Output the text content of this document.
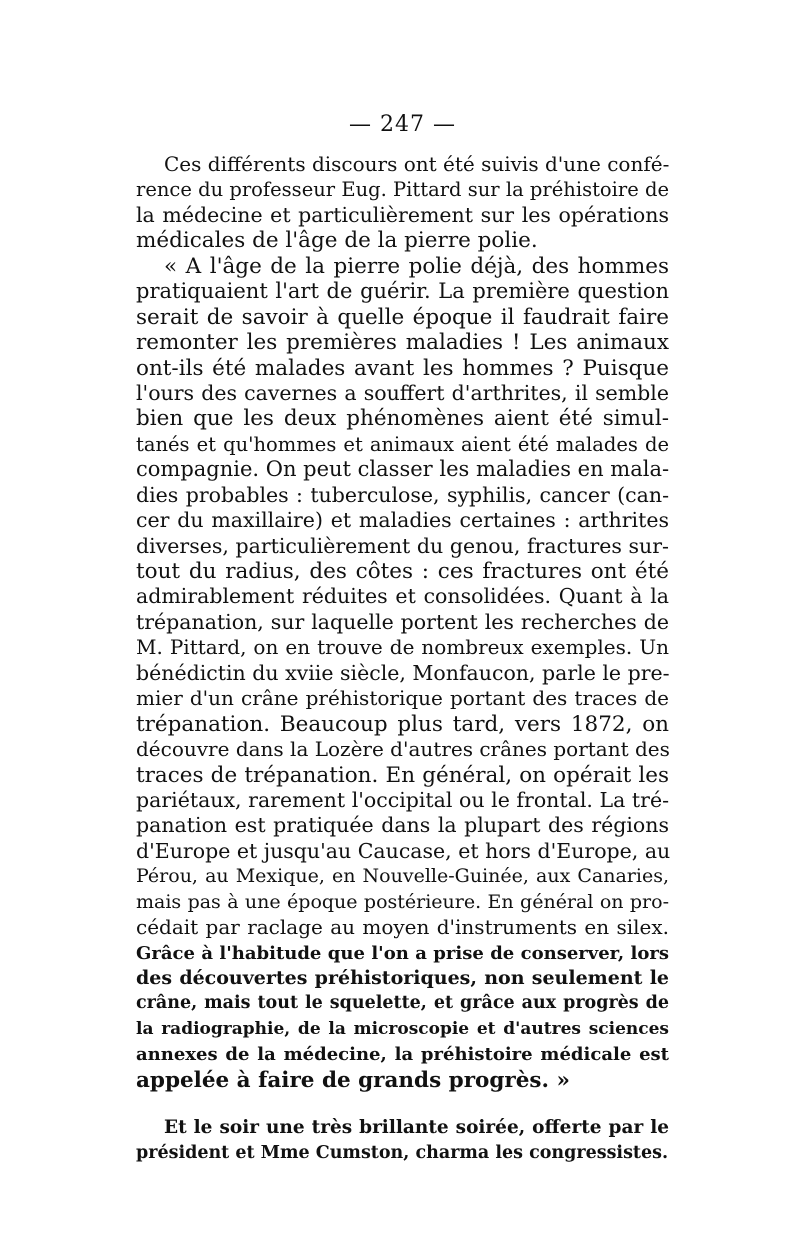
— 247 —
Ces différents discours ont été suivis d'une confé-
rence du professeur Eug. Pittard sur la préhistoire de
la médecine et particulièrement sur les opérations
médicales de l'âge de la pierre polie.
« A l'âge de la pierre polie déjà, des hommes
pratiquaient l'art de guérir. La première question
serait de savoir à quelle époque il faudrait faire
remonter les premières maladies ! Les animaux
ont-ils été malades avant les hommes ? Puisque
l'ours des cavernes a souffert d'arthrites, il semble
bien que les deux phénomènes aient été simul-
tanés et qu'hommes et animaux aient été malades de
compagnie. On peut classer les maladies en mala-
dies probables : tuberculose, syphilis, cancer (can-
cer du maxillaire) et maladies certaines : arthrites
diverses, particulièrement du genou, fractures sur-
tout du radius, des côtes : ces fractures ont été
admirablement réduites et consolidées. Quant à la
trépanation, sur laquelle portent les recherches de
M. Pittard, on en trouve de nombreux exemples. Un
bénédictin du xviie siècle, Monfaucon, parle le pre-
mier d'un crâne préhistorique portant des traces de
trépanation. Beaucoup plus tard, vers 1872, on
découvre dans la Lozère d'autres crânes portant des
traces de trépanation. En général, on opérait les
pariétaux, rarement l'occipital ou le frontal. La tré-
panation est pratiquée dans la plupart des régions
d'Europe et jusqu'au Caucase, et hors d'Europe, au
Pérou, au Mexique, en Nouvelle-Guinée, aux Canaries,
mais pas à une époque postérieure. En général on pro-
cédait par raclage au moyen d'instruments en silex.
Grâce à l'habitude que l'on a prise de conserver, lors
des découvertes préhistoriques, non seulement le
crâne, mais tout le squelette, et grâce aux progrès de
la radiographie, de la microscopie et d'autres sciences
annexes de la médecine, la préhistoire médicale est
appelée à faire de grands progrès. »
Et le soir une très brillante soirée, offerte par le
président et Mme Cumston, charma les congressistes.
